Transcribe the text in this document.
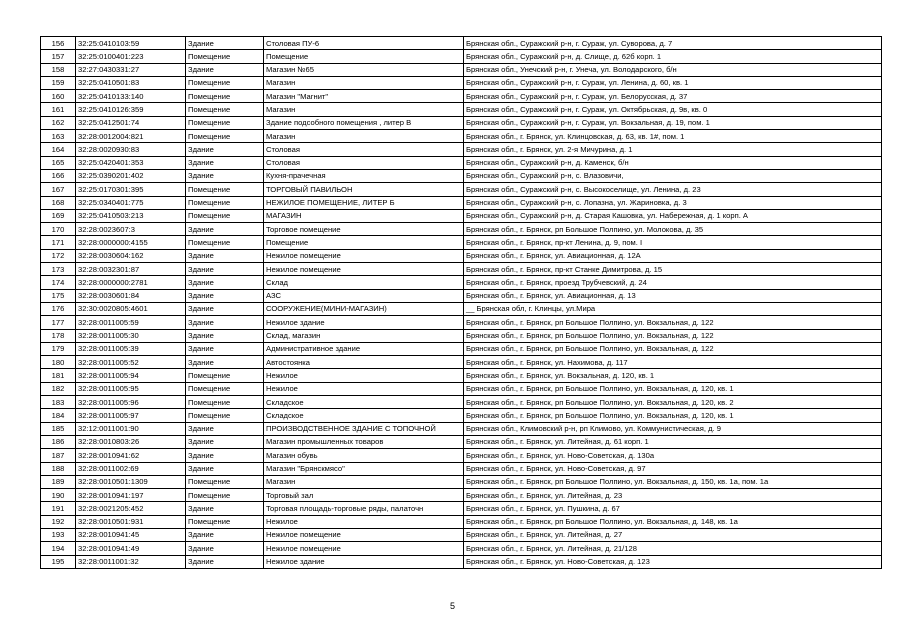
156	32:25:0410103:59	Здание	Столовая ПУ-6	Брянская обл., Суражский р-н, г. Сураж, ул. Суворова, д. 7
157	32:25:0100401:223	Помещение	Помещение	Брянская обл., Суражский р-н, д. Слище, д. 62б корп. 1
158	32:27:0430331:27	Здание	Магазин №65	Брянская обл., Унечский р-н, г. Унеча, ул. Володарского, б/н
159	32:25:0410501:83	Помещение	Магазин	Брянская обл., Суражский р-н, г. Сураж, ул. Ленина, д. 60, кв. 1
160	32:25:0410133:140	Помещение	Магазин "Магнит"	Брянская обл., Суражский р-н, г. Сураж, ул. Белорусская, д. 37
161	32:25:0410126:359	Помещение	Магазин	Брянская обл., Суражский р-н, г. Сураж, ул. Октябрьская, д. 9в, кв. 0
162	32:25:0412501:74	Помещение	Здание подсобного помещения , литер В	Брянская обл., Суражский р-н, г. Сураж, ул. Вокзальная, д. 19, пом. 1
163	32:28:0012004:821	Помещение	Магазин	Брянская обл., г. Брянск, ул. Клинцовская, д. 63, кв. 1#, пом. 1
164	32:28:0020930:83	Здание	Столовая	Брянская обл., г. Брянск, ул. 2-я Мичурина, д. 1
165	32:25:0420401:353	Здание	Столовая	Брянская обл., Суражский р-н, д. Каменск, б/н
166	32:25:0390201:402	Здание	Кухня-прачечная	Брянская обл., Суражский р-н, с. Влазовичи,
167	32:25:0170301:395	Помещение	ТОРГОВЫЙ ПАВИЛЬОН	Брянская обл., Суражский р-н, с. Высокоселище, ул. Ленина, д. 23
168	32:25:0340401:775	Помещение	НЕЖИЛОЕ ПОМЕЩЕНИЕ, ЛИТЕР Б	Брянская обл., Суражский р-н, с. Лопазна, ул. Жариновка, д. 3
169	32:25:0410503:213	Помещение	МАГАЗИН	Брянская обл., Суражский р-н, д. Старая Кашовка, ул. Набережная, д. 1 корп. А
170	32:28:0023607:3	Здание	Торговое помещение	Брянская обл., г. Брянск, рп Большое Полпино, ул. Молокова, д. 35
171	32:28:0000000:4155	Помещение	Помещение	Брянская обл., г. Брянск, пр-кт Ленина, д. 9, пом. I
172	32:28:0030604:162	Здание	Нежилое помещение	Брянская обл., г. Брянск, ул. Авиационная, д. 12А
173	32:28:0032301:87	Здание	Нежилое помещение	Брянская обл., г. Брянск, пр-кт Станке Димитрова, д. 15
174	32:28:0000000:2781	Здание	Склад	Брянская обл., г. Брянск, проезд Трубчевский, д. 24
175	32:28:0030601:84	Здание	АЗС	Брянская обл., г. Брянск, ул. Авиационная, д. 13
176	32:30:0020805:4601	Здание	СООРУЖЕНИЕ(МИНИ-МАГАЗИН)	__ Брянская обл, г. Клинцы, ул.Мира
177	32:28:0011005:59	Здание	Нежилое здание	Брянская обл., г. Брянск, рп Большое Полпино, ул. Вокзальная, д. 122
178	32:28:0011005:30	Здание	Склад, магазин	Брянская обл., г. Брянск, рп Большое Полпино, ул. Вокзальная, д. 122
179	32:28:0011005:39	Здание	Административное здание	Брянская обл., г. Брянск, рп Большое Полпино, ул. Вокзальная, д. 122
180	32:28:0011005:52	Здание	Автостоянка	Брянская обл., г. Брянск, ул. Нахимова, д. 117
181	32:28:0011005:94	Помещение	Нежилое	Брянская обл., г. Брянск, ул. Вокзальная, д. 120, кв. 1
182	32:28:0011005:95	Помещение	Нежилое	Брянская обл., г. Брянск, рп Большое Полпино, ул. Вокзальная, д. 120, кв. 1
183	32:28:0011005:96	Помещение	Складское	Брянская обл., г. Брянск, рп Большое Полпино, ул. Вокзальная, д. 120, кв. 2
184	32:28:0011005:97	Помещение	Складское	Брянская обл., г. Брянск, рп Большое Полпино, ул. Вокзальная, д. 120, кв. 1
185	32:12:0011001:90	Здание	ПРОИЗВОДСТВЕННОЕ ЗДАНИЕ С ТОПОЧНОЙ	Брянская обл., Климовский р-н, рп Климово, ул. Коммунистическая, д. 9
186	32:28:0010803:26	Здание	Магазин промышленных товаров	Брянская обл., г. Брянск, ул. Литейная, д. 61 корп. 1
187	32:28:0010941:62	Здание	Магазин обувь	Брянская обл., г. Брянск, ул. Ново-Советская, д. 130а
188	32:28:0011002:69	Здание	Магазин "Брянскмясо"	Брянская обл., г. Брянск, ул. Ново-Советская, д. 97
189	32:28:0010501:1309	Помещение	Магазин	Брянская обл., г. Брянск, рп Большое Полпино, ул. Вокзальная, д. 150, кв. 1а, пом. 1а
190	32:28:0010941:197	Помещение	Торговый зал	Брянская обл., г. Брянск, ул. Литейная, д. 23
191	32:28:0021205:452	Здание	Торговая площадь-торговые ряды, палаточн	Брянская обл., г. Брянск, ул. Пушкина, д. 67
192	32:28:0010501:931	Помещение	Нежилое	Брянская обл., г. Брянск, рп Большое Полпино, ул. Вокзальная, д. 148, кв. 1а
193	32:28:0010941:45	Здание	Нежилое помещение	Брянская обл., г. Брянск, ул. Литейная, д. 27
194	32:28:0010941:49	Здание	Нежилое помещение	Брянская обл., г. Брянск, ул. Литейная, д. 21/128
195	32:28:0011001:32	Здание	Нежилое здание	Брянская обл., г. Брянск, ул. Ново-Советская, д. 123
5
